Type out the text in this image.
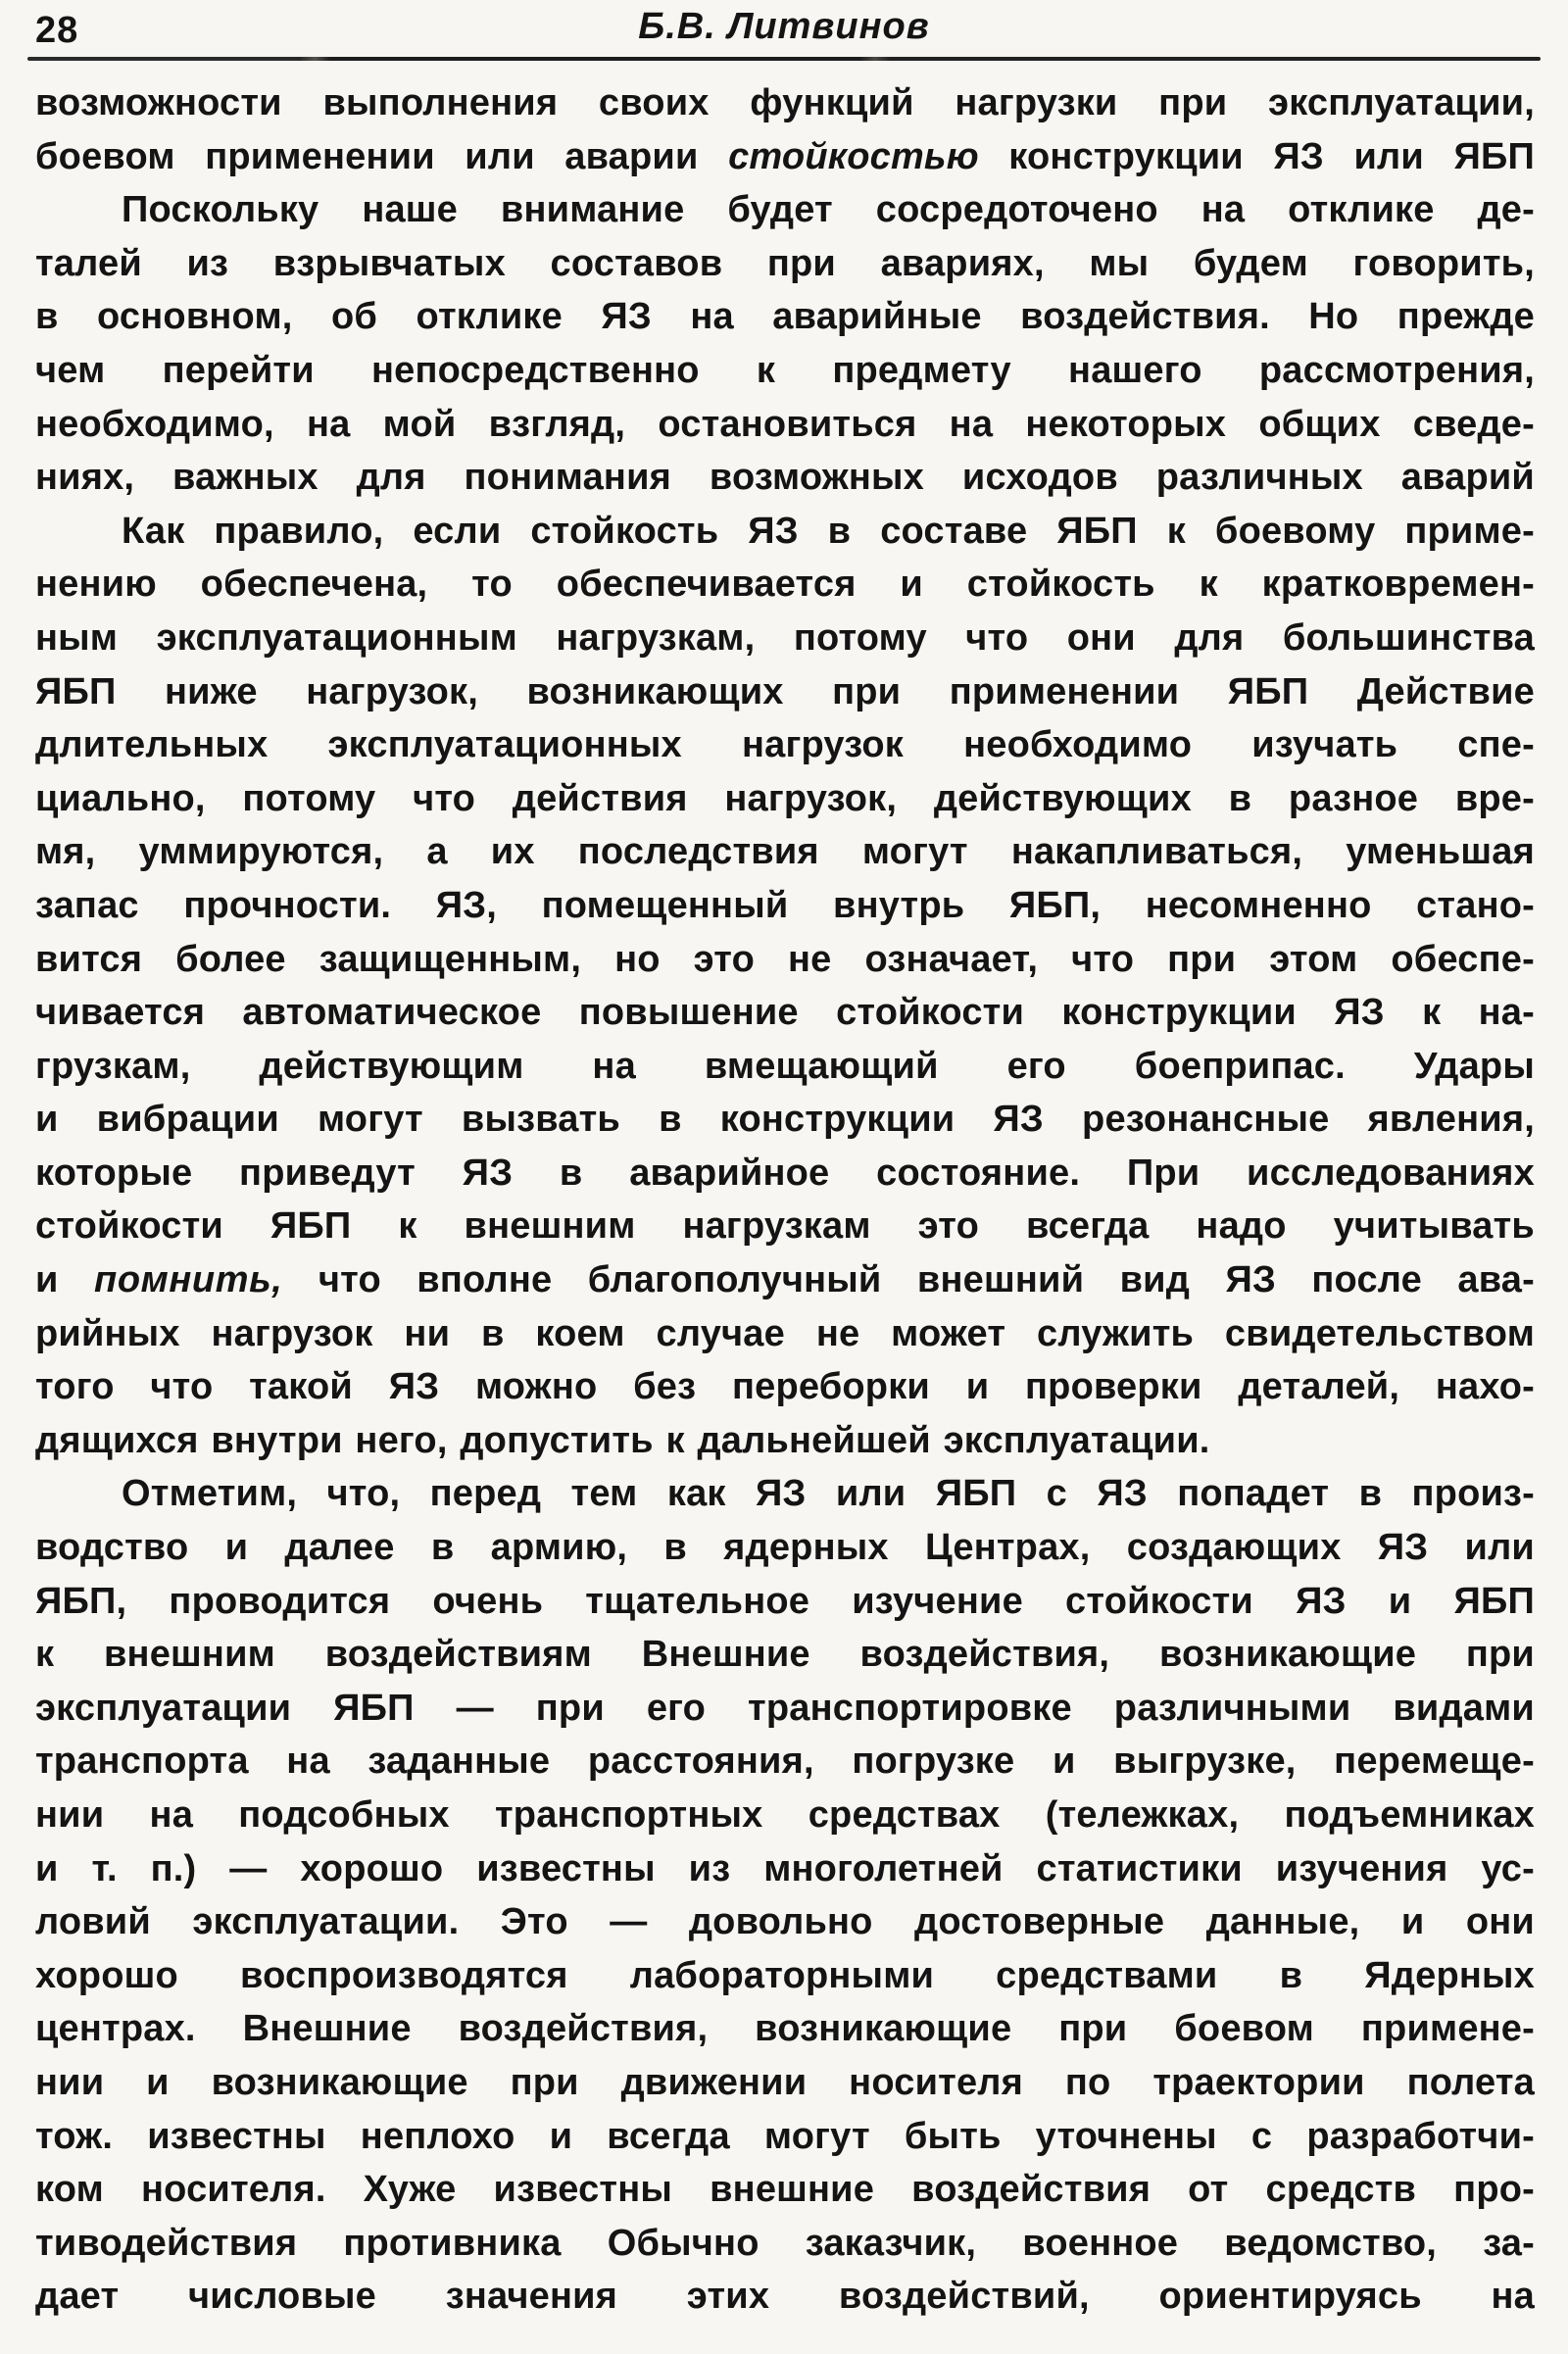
28	Б.В. Литвинов
возможности выполнения своих функций нагрузки при эксплуатации,
боевом применении или аварии стойкостью конструкции ЯЗ или ЯБП
Поскольку наше внимание будет сосредоточено на отклике де-
талей из взрывчатых составов при авариях, мы будем говорить,
в основном, об отклике ЯЗ на аварийные воздействия. Но прежде
чем перейти непосредственно к предмету нашего рассмотрения,
необходимо, на мой взгляд, остановиться на некоторых общих сведе-
ниях, важных для понимания возможных исходов различных аварий
Как правило, если стойкость ЯЗ в составе ЯБП к боевому приме-
нению обеспечена, то обеспечивается и стойкость к кратковремен-
ным эксплуатационным нагрузкам, потому что они для большинства
ЯБП ниже нагрузок, возникающих при применении ЯБП Действие
длительных эксплуатационных нагрузок необходимо изучать спе-
циально, потому что действия нагрузок, действующих в разное вре-
мя, уммируются, а их последствия могут накапливаться, уменьшая
запас прочности. ЯЗ, помещенный внутрь ЯБП, несомненно стано-
вится более защищенным, но это не означает, что при этом обеспе-
чивается автоматическое повышение стойкости конструкции ЯЗ к на-
грузкам, действующим на вмещающий его боеприпас. Удары
и вибрации могут вызвать в конструкции ЯЗ резонансные явления,
которые приведут ЯЗ в аварийное состояние. При исследованиях
стойкости ЯБП к внешним нагрузкам это всегда надо учитывать
и помнить, что вполне благополучный внешний вид ЯЗ после ава-
рийных нагрузок ни в коем случае не может служить свидетельством
того что такой ЯЗ можно без переборки и проверки деталей, нахо-
дящихся внутри него, допустить к дальнейшей эксплуатации.
Отметим, что, перед тем как ЯЗ или ЯБП с ЯЗ попадет в произ-
водство и далее в армию, в ядерных Центрах, создающих ЯЗ или
ЯБП, проводится очень тщательное изучение стойкости ЯЗ и ЯБП
к внешним воздействиям Внешние воздействия, возникающие при
эксплуатации ЯБП — при его транспортировке различными видами
транспорта на заданные расстояния, погрузке и выгрузке, перемеще-
нии на подсобных транспортных средствах (тележках, подъемниках
и т. п.) — хорошо известны из многолетней статистики изучения ус-
ловий эксплуатации. Это — довольно достоверные данные, и они
хорошо воспроизводятся лабораторными средствами в Ядерных
центрах. Внешние воздействия, возникающие при боевом примене-
нии и возникающие при движении носителя по траектории полета
тож. известны неплохо и всегда могут быть уточнены с разработчи-
ком носителя. Хуже известны внешние воздействия от средств про-
тиводействия противника Обычно заказчик, военное ведомство, за-
дает числовые значения этих воздействий, ориентируясь на
